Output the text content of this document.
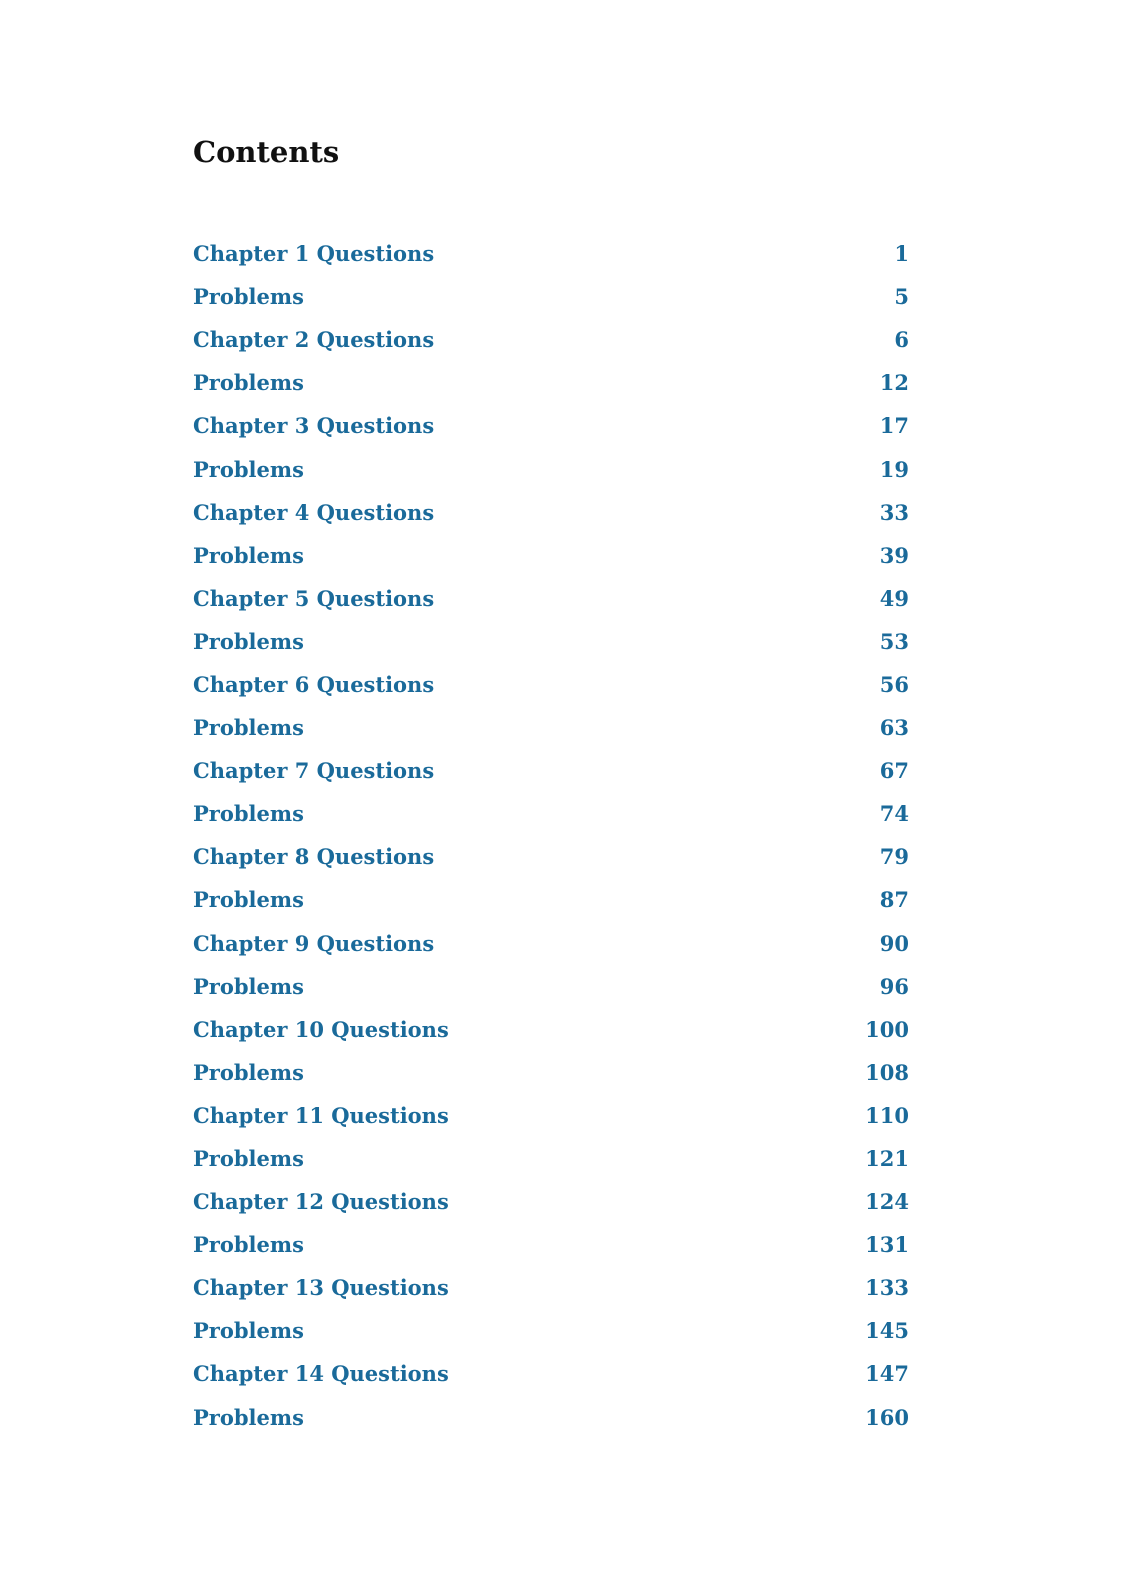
Contents
Chapter 1 Questions	1
Problems	5
Chapter 2 Questions	6
Problems	12
Chapter 3 Questions	17
Problems	19
Chapter 4 Questions	33
Problems	39
Chapter 5 Questions	49
Problems	53
Chapter 6 Questions	56
Problems	63
Chapter 7 Questions	67
Problems	74
Chapter 8 Questions	79
Problems	87
Chapter 9 Questions	90
Problems	96
Chapter 10 Questions	100
Problems	108
Chapter 11 Questions	110
Problems	121
Chapter 12 Questions	124
Problems	131
Chapter 13 Questions	133
Problems	145
Chapter 14 Questions	147
Problems	160
